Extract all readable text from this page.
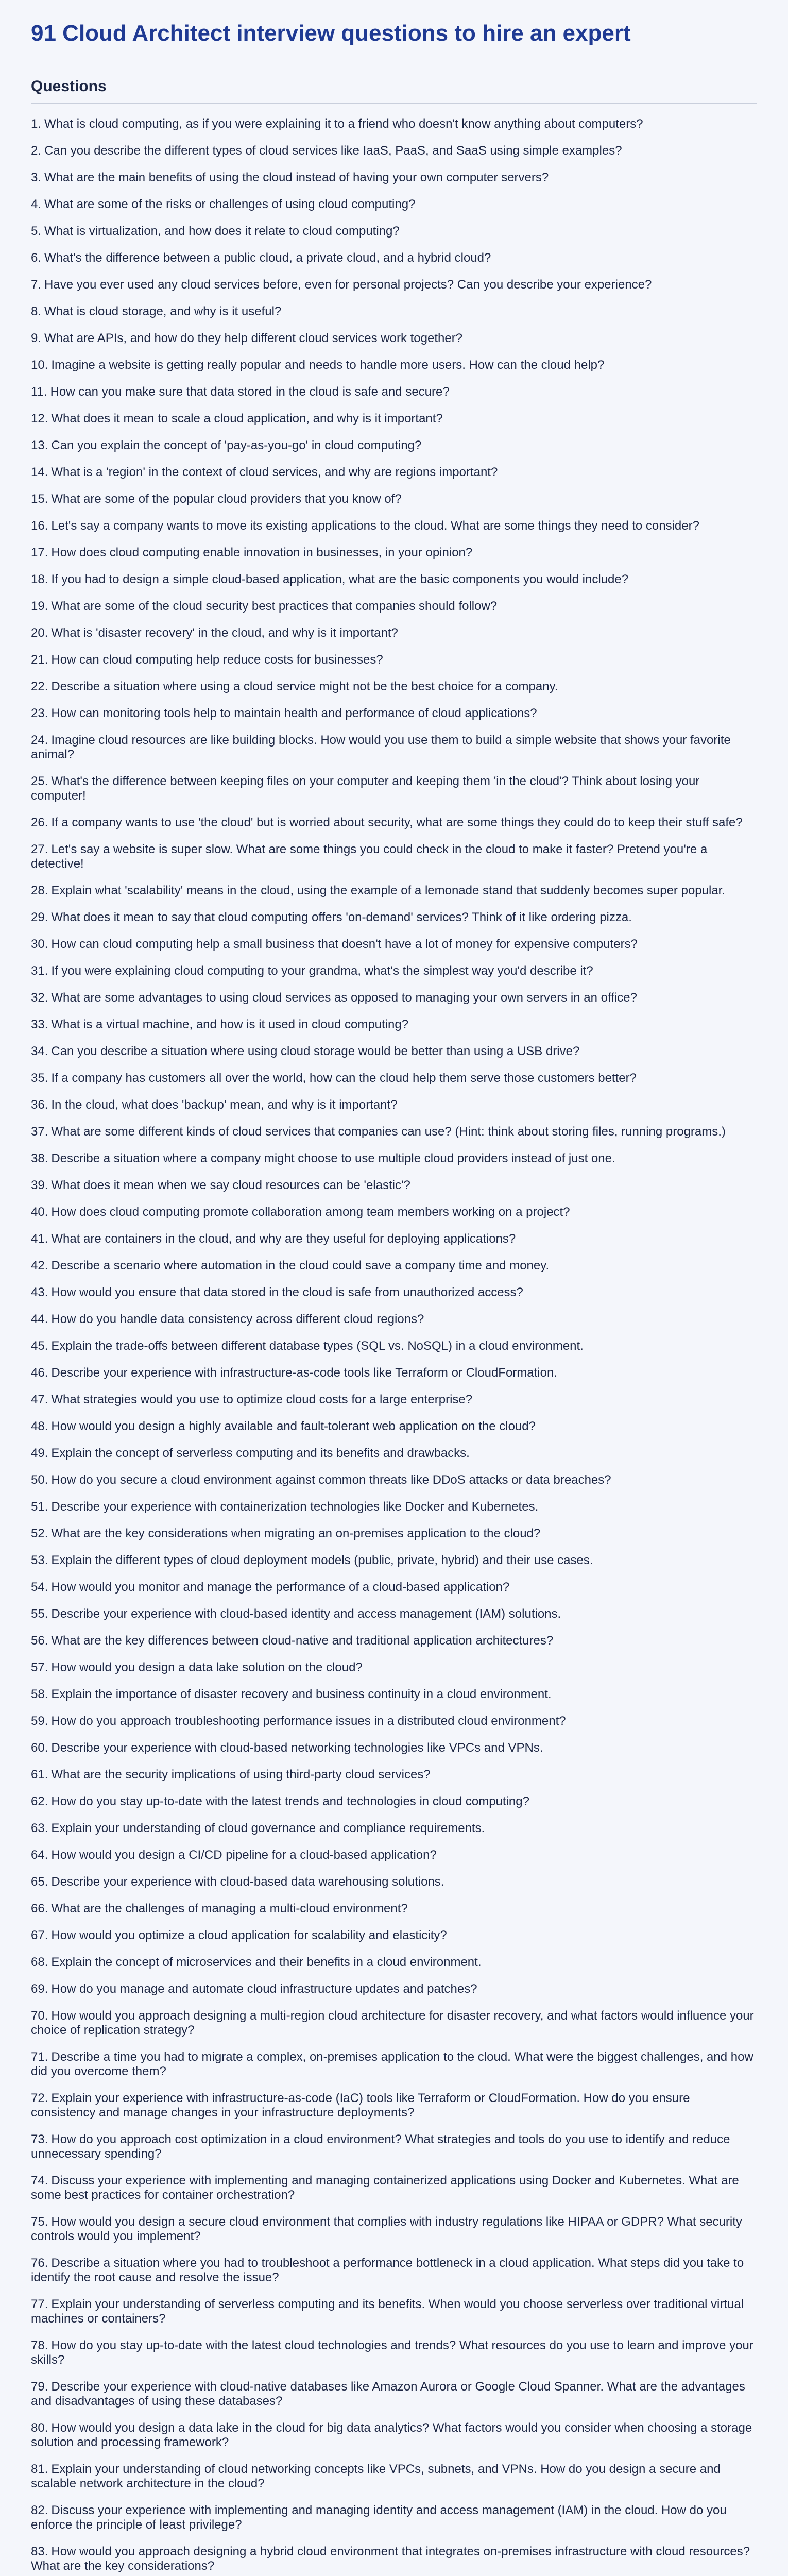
91 Cloud Architect interview questions to hire an expert
Questions
1. What is cloud computing, as if you were explaining it to a friend who doesn't know anything about computers?
2. Can you describe the different types of cloud services like IaaS, PaaS, and SaaS using simple examples?
3. What are the main benefits of using the cloud instead of having your own computer servers?
4. What are some of the risks or challenges of using cloud computing?
5. What is virtualization, and how does it relate to cloud computing?
6. What's the difference between a public cloud, a private cloud, and a hybrid cloud?
7. Have you ever used any cloud services before, even for personal projects? Can you describe your experience?
8. What is cloud storage, and why is it useful?
9. What are APIs, and how do they help different cloud services work together?
10. Imagine a website is getting really popular and needs to handle more users. How can the cloud help?
11. How can you make sure that data stored in the cloud is safe and secure?
12. What does it mean to scale a cloud application, and why is it important?
13. Can you explain the concept of 'pay-as-you-go' in cloud computing?
14. What is a 'region' in the context of cloud services, and why are regions important?
15. What are some of the popular cloud providers that you know of?
16. Let's say a company wants to move its existing applications to the cloud. What are some things they need to consider?
17. How does cloud computing enable innovation in businesses, in your opinion?
18. If you had to design a simple cloud-based application, what are the basic components you would include?
19. What are some of the cloud security best practices that companies should follow?
20. What is 'disaster recovery' in the cloud, and why is it important?
21. How can cloud computing help reduce costs for businesses?
22. Describe a situation where using a cloud service might not be the best choice for a company.
23. How can monitoring tools help to maintain health and performance of cloud applications?
24. Imagine cloud resources are like building blocks. How would you use them to build a simple website that shows your favorite animal?
25. What's the difference between keeping files on your computer and keeping them 'in the cloud'? Think about losing your computer!
26. If a company wants to use 'the cloud' but is worried about security, what are some things they could do to keep their stuff safe?
27. Let's say a website is super slow. What are some things you could check in the cloud to make it faster? Pretend you're a detective!
28. Explain what 'scalability' means in the cloud, using the example of a lemonade stand that suddenly becomes super popular.
29. What does it mean to say that cloud computing offers 'on-demand' services? Think of it like ordering pizza.
30. How can cloud computing help a small business that doesn't have a lot of money for expensive computers?
31. If you were explaining cloud computing to your grandma, what's the simplest way you'd describe it?
32. What are some advantages to using cloud services as opposed to managing your own servers in an office?
33. What is a virtual machine, and how is it used in cloud computing?
34. Can you describe a situation where using cloud storage would be better than using a USB drive?
35. If a company has customers all over the world, how can the cloud help them serve those customers better?
36. In the cloud, what does 'backup' mean, and why is it important?
37. What are some different kinds of cloud services that companies can use? (Hint: think about storing files, running programs.)
38. Describe a situation where a company might choose to use multiple cloud providers instead of just one.
39. What does it mean when we say cloud resources can be 'elastic'?
40. How does cloud computing promote collaboration among team members working on a project?
41. What are containers in the cloud, and why are they useful for deploying applications?
42. Describe a scenario where automation in the cloud could save a company time and money.
43. How would you ensure that data stored in the cloud is safe from unauthorized access?
44. How do you handle data consistency across different cloud regions?
45. Explain the trade-offs between different database types (SQL vs. NoSQL) in a cloud environment.
46. Describe your experience with infrastructure-as-code tools like Terraform or CloudFormation.
47. What strategies would you use to optimize cloud costs for a large enterprise?
48. How would you design a highly available and fault-tolerant web application on the cloud?
49. Explain the concept of serverless computing and its benefits and drawbacks.
50. How do you secure a cloud environment against common threats like DDoS attacks or data breaches?
51. Describe your experience with containerization technologies like Docker and Kubernetes.
52. What are the key considerations when migrating an on-premises application to the cloud?
53. Explain the different types of cloud deployment models (public, private, hybrid) and their use cases.
54. How would you monitor and manage the performance of a cloud-based application?
55. Describe your experience with cloud-based identity and access management (IAM) solutions.
56. What are the key differences between cloud-native and traditional application architectures?
57. How would you design a data lake solution on the cloud?
58. Explain the importance of disaster recovery and business continuity in a cloud environment.
59. How do you approach troubleshooting performance issues in a distributed cloud environment?
60. Describe your experience with cloud-based networking technologies like VPCs and VPNs.
61. What are the security implications of using third-party cloud services?
62. How do you stay up-to-date with the latest trends and technologies in cloud computing?
63. Explain your understanding of cloud governance and compliance requirements.
64. How would you design a CI/CD pipeline for a cloud-based application?
65. Describe your experience with cloud-based data warehousing solutions.
66. What are the challenges of managing a multi-cloud environment?
67. How would you optimize a cloud application for scalability and elasticity?
68. Explain the concept of microservices and their benefits in a cloud environment.
69. How do you manage and automate cloud infrastructure updates and patches?
70. How would you approach designing a multi-region cloud architecture for disaster recovery, and what factors would influence your choice of replication strategy?
71. Describe a time you had to migrate a complex, on-premises application to the cloud. What were the biggest challenges, and how did you overcome them?
72. Explain your experience with infrastructure-as-code (IaC) tools like Terraform or CloudFormation. How do you ensure consistency and manage changes in your infrastructure deployments?
73. How do you approach cost optimization in a cloud environment? What strategies and tools do you use to identify and reduce unnecessary spending?
74. Discuss your experience with implementing and managing containerized applications using Docker and Kubernetes. What are some best practices for container orchestration?
75. How would you design a secure cloud environment that complies with industry regulations like HIPAA or GDPR? What security controls would you implement?
76. Describe a situation where you had to troubleshoot a performance bottleneck in a cloud application. What steps did you take to identify the root cause and resolve the issue?
77. Explain your understanding of serverless computing and its benefits. When would you choose serverless over traditional virtual machines or containers?
78. How do you stay up-to-date with the latest cloud technologies and trends? What resources do you use to learn and improve your skills?
79. Describe your experience with cloud-native databases like Amazon Aurora or Google Cloud Spanner. What are the advantages and disadvantages of using these databases?
80. How would you design a data lake in the cloud for big data analytics? What factors would you consider when choosing a storage solution and processing framework?
81. Explain your understanding of cloud networking concepts like VPCs, subnets, and VPNs. How do you design a secure and scalable network architecture in the cloud?
82. Discuss your experience with implementing and managing identity and access management (IAM) in the cloud. How do you enforce the principle of least privilege?
83. How would you approach designing a hybrid cloud environment that integrates on-premises infrastructure with cloud resources? What are the key considerations?
